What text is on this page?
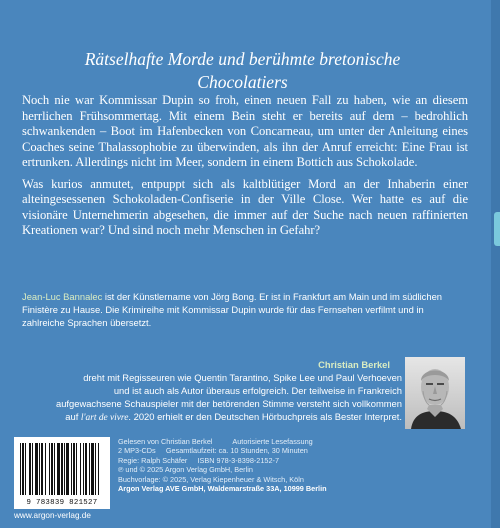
Rätselhafte Morde und berühmte bretonische
Chocolatiers

Noch nie war Kommissar Dupin so froh, einen neuen Fall zu haben, wie an diesem herrlichen Frühsommertag. Mit einem Bein steht er bereits auf dem – bedrohlich schwankenden – Boot im Hafenbecken von Concarneau, um unter der Anleitung eines Coaches seine Thalassophobie zu überwinden, als ihn der Anruf erreicht: Eine Frau ist ertrunken. Allerdings nicht im Meer, sondern in einem Bottich aus Schokolade.

Was kurios anmutet, entpuppt sich als kaltblütiger Mord an der Inhaberin einer alteingesessenen Schokoladen-Confiserie in der Ville Close. Wer hatte es auf die visionäre Unternehmerin abgesehen, die immer auf der Suche nach neuen raffinierten Kreationen war? Und sind noch mehr Menschen in Gefahr?

Jean-Luc Bannalec ist der Künstlername von Jörg Bong. Er ist in Frankfurt am Main und im südlichen Finistère zu Hause. Die Krimireihe mit Kommissar Dupin wurde für das Fernsehen verfilmt und in zahlreiche Sprachen übersetzt.
Christian Berkel
dreht mit Regisseuren wie Quentin Tarantino, Spike Lee und Paul Verhoeven
und ist auch als Autor überaus erfolgreich. Der teilweise in Frankreich
aufgewachsene Schauspieler mit der betörenden Stimme versteht sich vollkommen
auf l'art de vivre. 2020 erhielt er den Deutschen Hörbuchpreis als Bester Interpret.
9 783839 821527
www.argon-verlag.de
Gelesen von Christian Berkel          Autorisierte Lesefassung
2 MP3-CDs     Gesamtlaufzeit: ca. 10 Stunden, 30 Minuten
Regie: Ralph Schäfer     ISBN 978-3-8398-2152-7
℗ und © 2025 Argon Verlag GmbH, Berlin
Buchvorlage: © 2025, Verlag Kiepenheuer & Witsch, Köln
Argon Verlag AVE GmbH, Waldemarstraße 33A, 10999 Berlin
